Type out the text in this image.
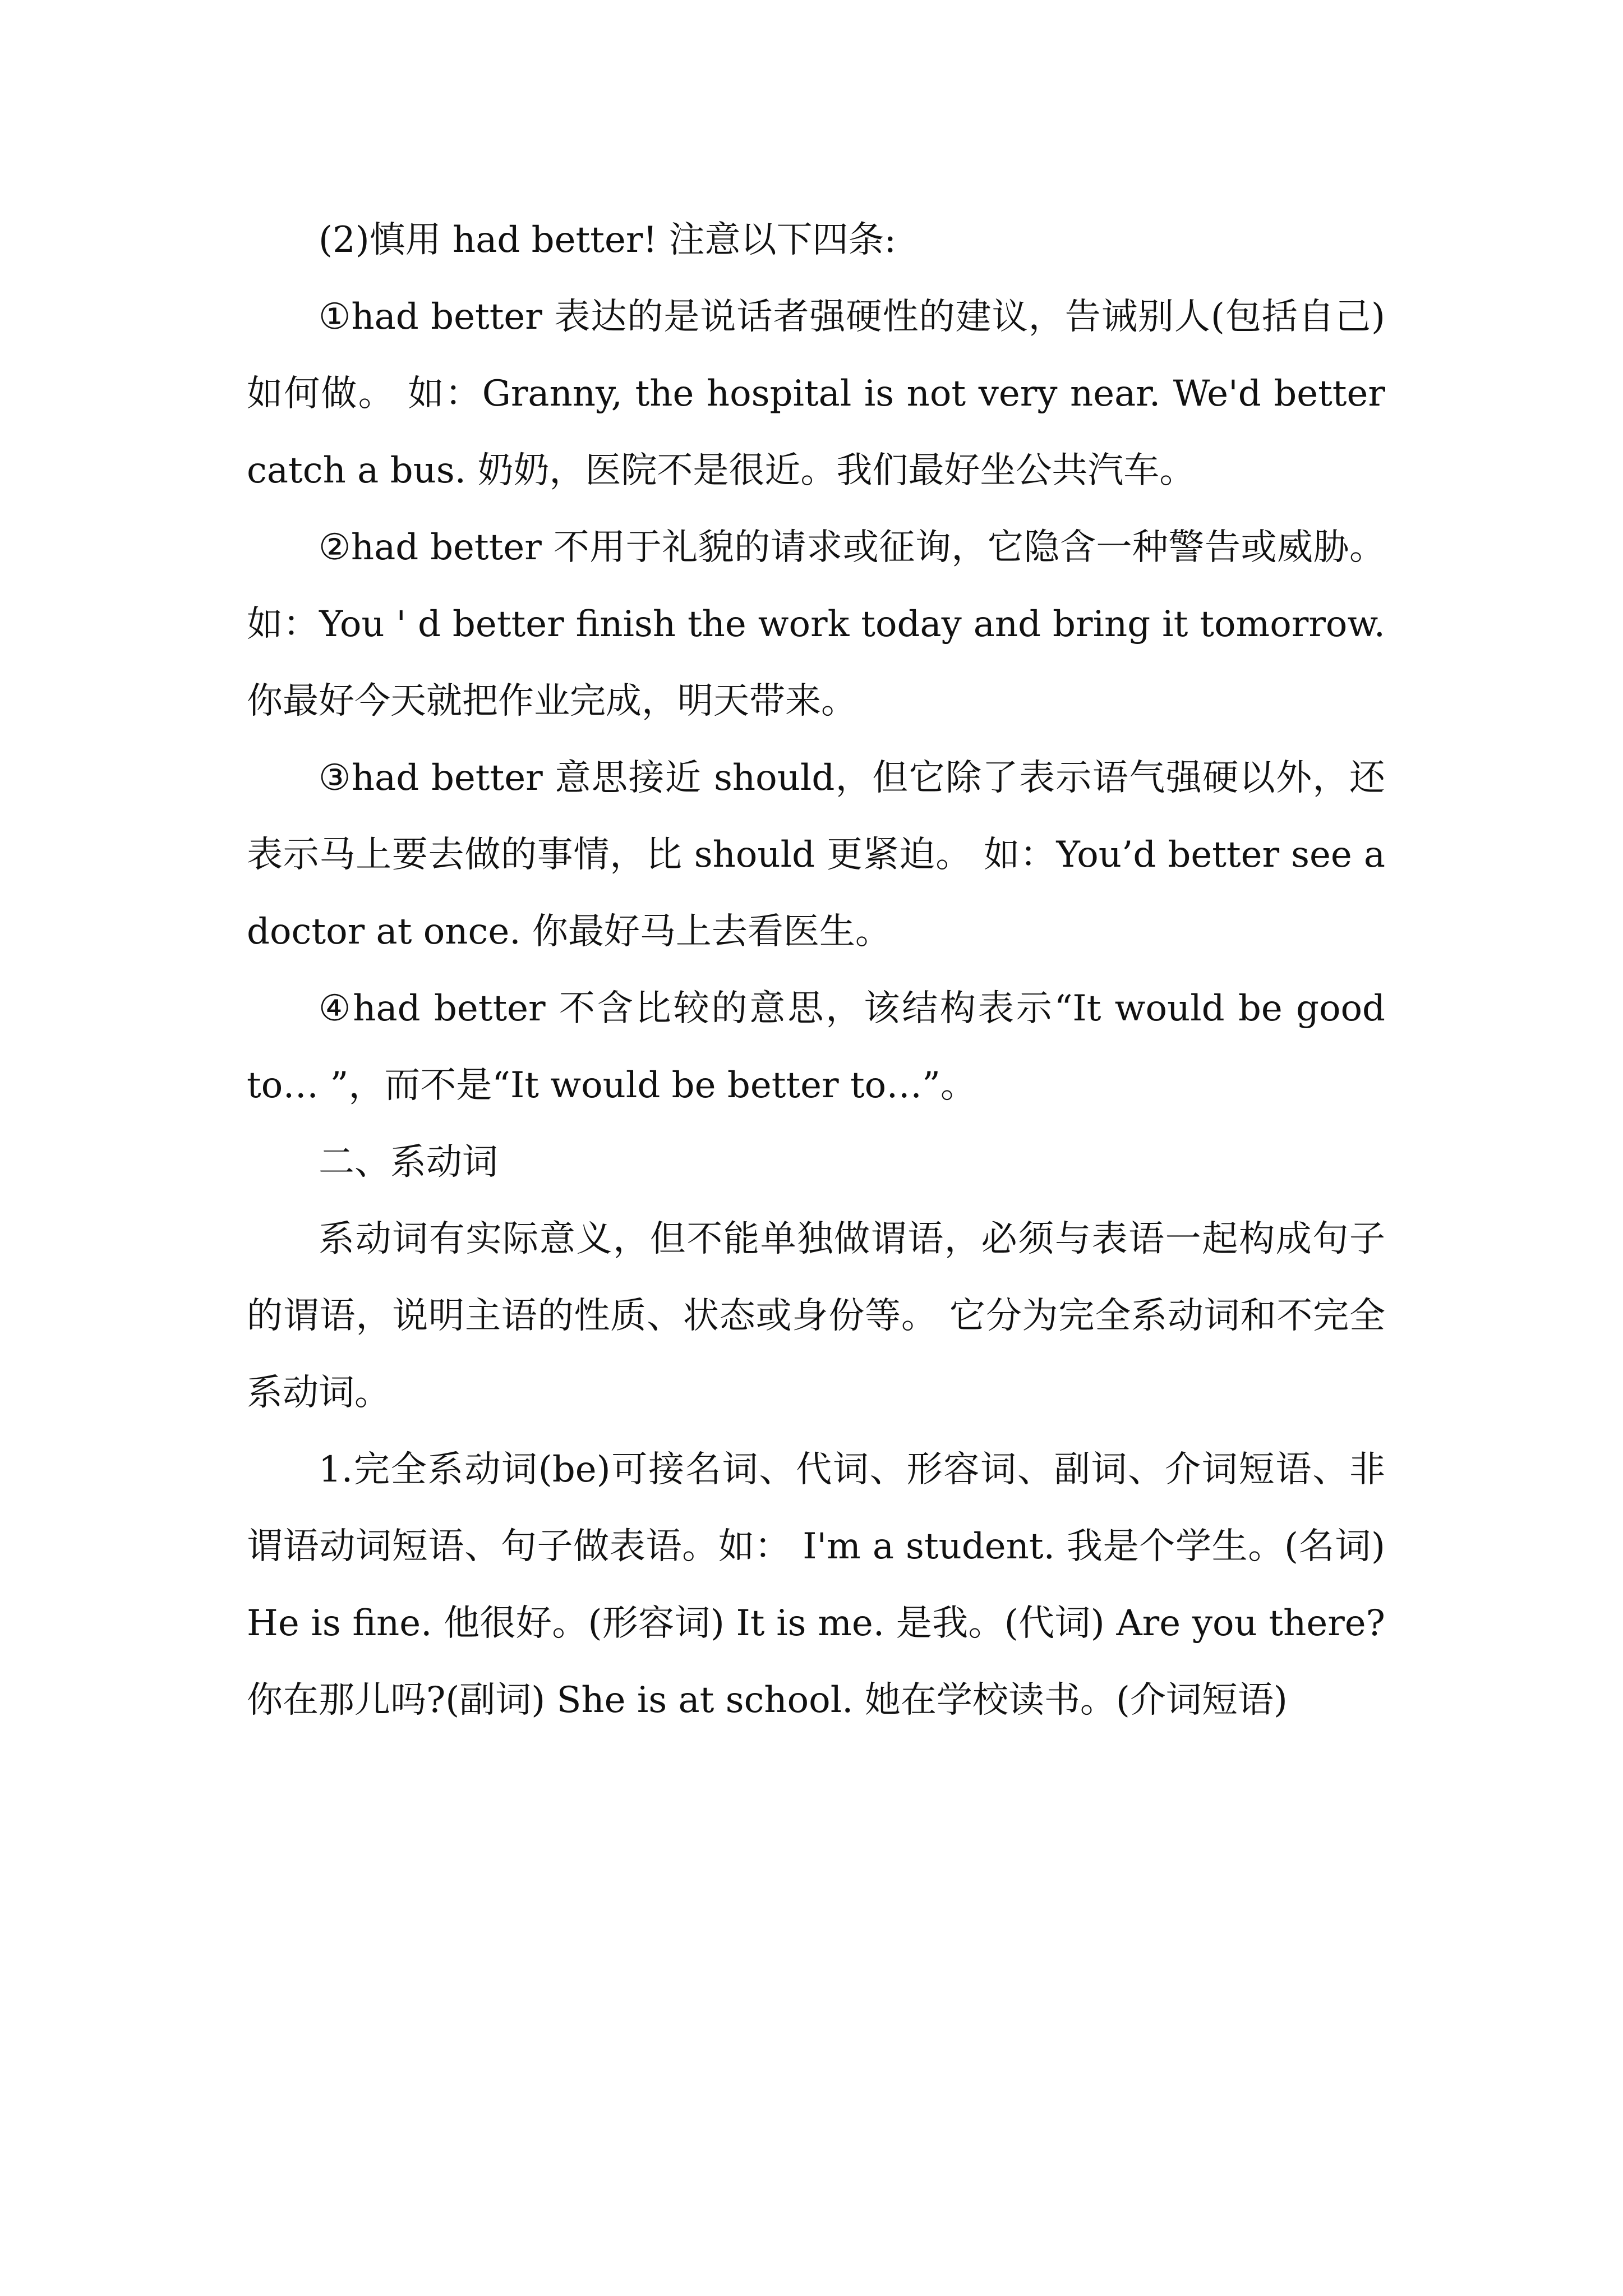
(2)慎用 had better! 注意以下四条:

①had better 表达的是说话者强硬性的建议，告诫别人(包括自己)如何做。 如：Granny, the hospital is not very near. We'd better catch a bus. 奶奶，医院不是很近。我们最好坐公共汽车。

②had better 不用于礼貌的请求或征询，它隐含一种警告或威胁。 如：You ' d better finish the work today and bring it tomorrow. 你最好今天就把作业完成，明天带来。

③had better 意思接近 should，但它除了表示语气强硬以外，还表示马上要去做的事情，比 should 更紧迫。 如：You’d better see a doctor at once. 你最好马上去看医生。

④had better 不含比较的意思，该结构表示“It would be good to… ”，而不是“It would be better to…”。

二、系动词

系动词有实际意义，但不能单独做谓语，必须与表语一起构成句子的谓语，说明主语的性质、状态或身份等。 它分为完全系动词和不完全系动词。

1.完全系动词(be)可接名词、代词、形容词、副词、介词短语、非谓语动词短语、句子做表语。如： I'm a student. 我是个学生。(名词) He is fine. 他很好。(形容词) It is me. 是我。(代词) Are you there?你在那儿吗?(副词) She is at school. 她在学校读书。(介词短语)
